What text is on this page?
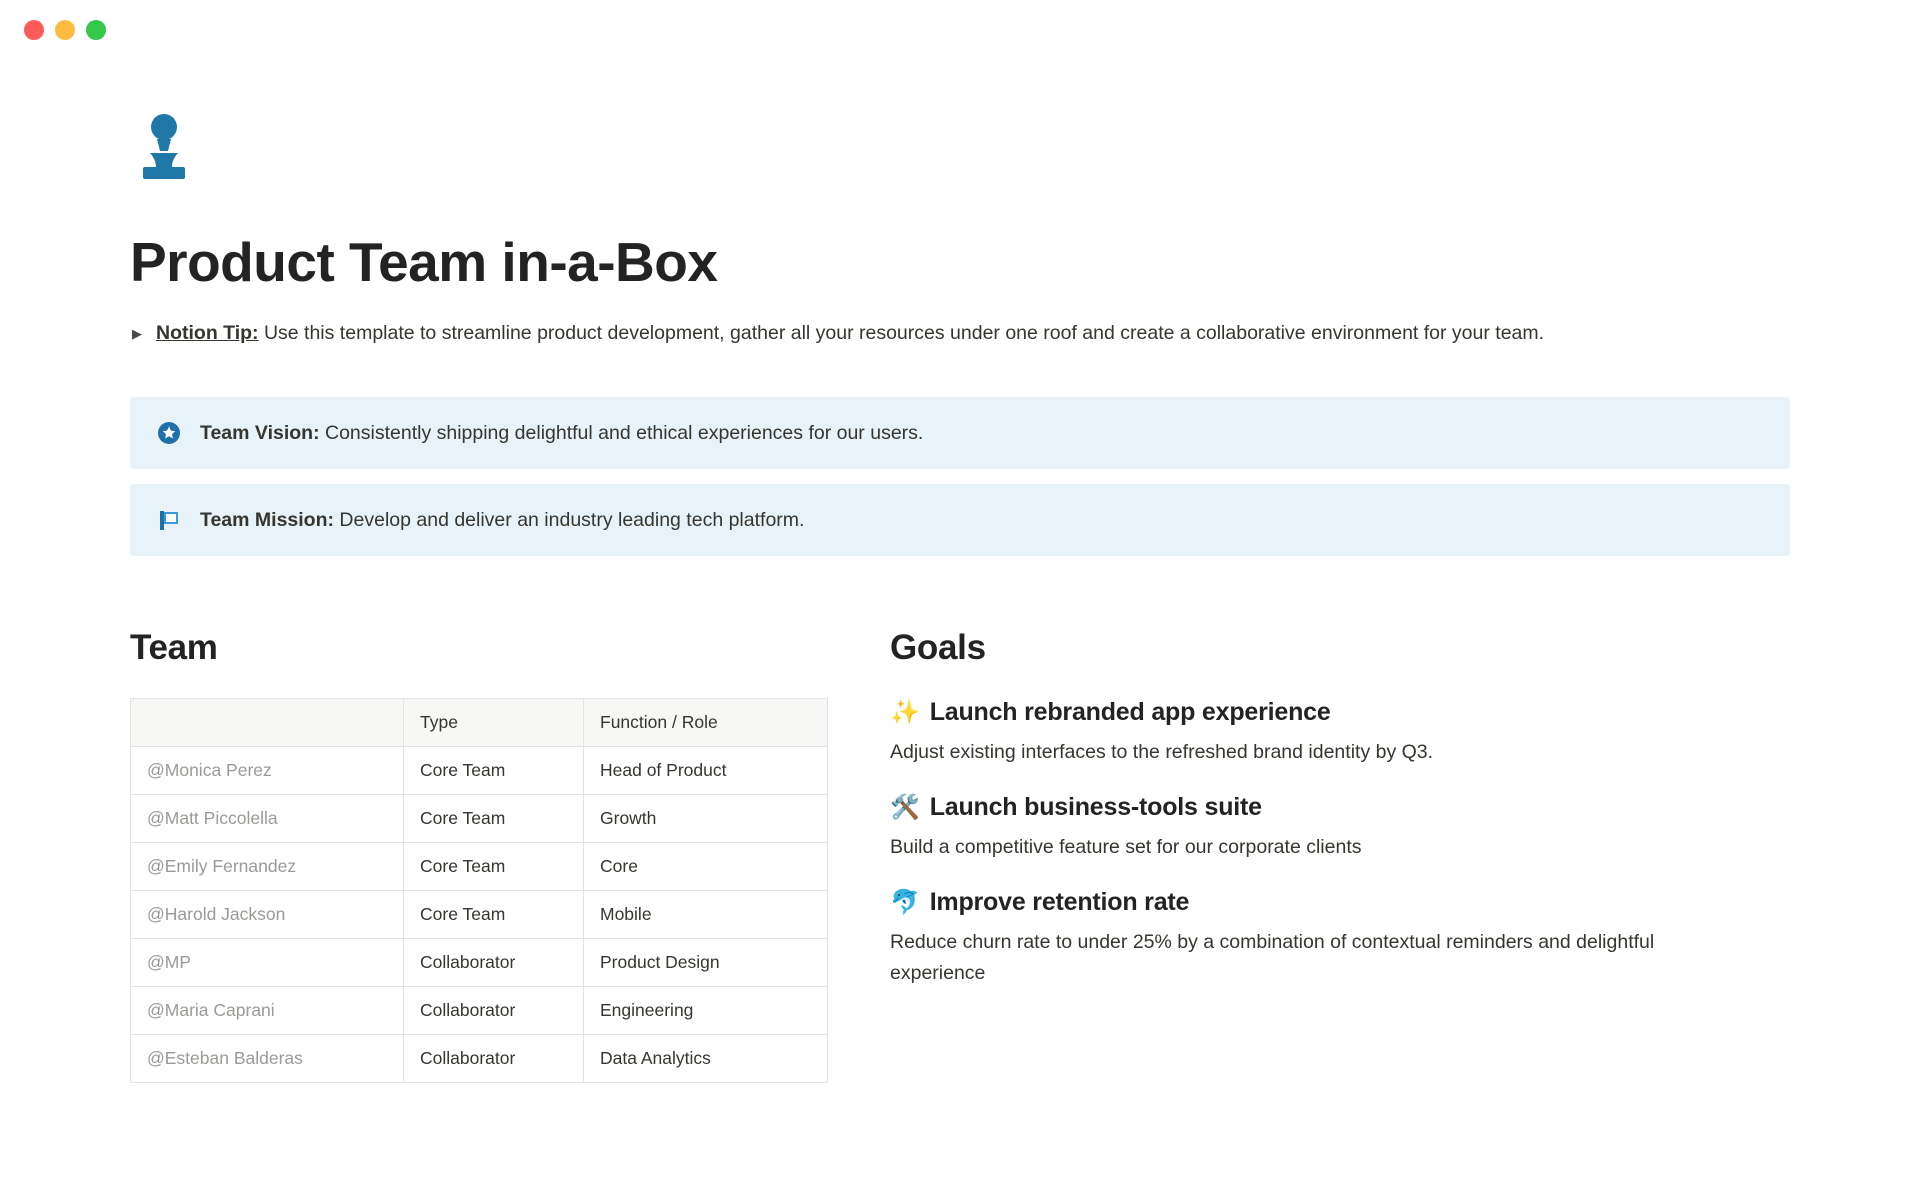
Product Team in-a-Box
▶ Notion Tip: Use this template to streamline product development, gather all your resources under one roof and create a collaborative environment for your team.
Team Vision: Consistently shipping delightful and ethical experiences for our users.
Team Mission: Develop and deliver an industry leading tech platform.
Team
	Type	Function / Role
@Monica Perez	Core Team	Head of Product
@Matt Piccolella	Core Team	Growth
@Emily Fernandez	Core Team	Core
@Harold Jackson	Core Team	Mobile
@MP	Collaborator	Product Design
@Maria Caprani	Collaborator	Engineering
@Esteban Balderas	Collaborator	Data Analytics
Goals
✨ Launch rebranded app experience

Adjust existing interfaces to the refreshed brand identity by Q3.

🛠️ Launch business-tools suite

Build a competitive feature set for our corporate clients

🐬 Improve retention rate

Reduce churn rate to under 25% by a combination of contextual reminders and delightful experience
